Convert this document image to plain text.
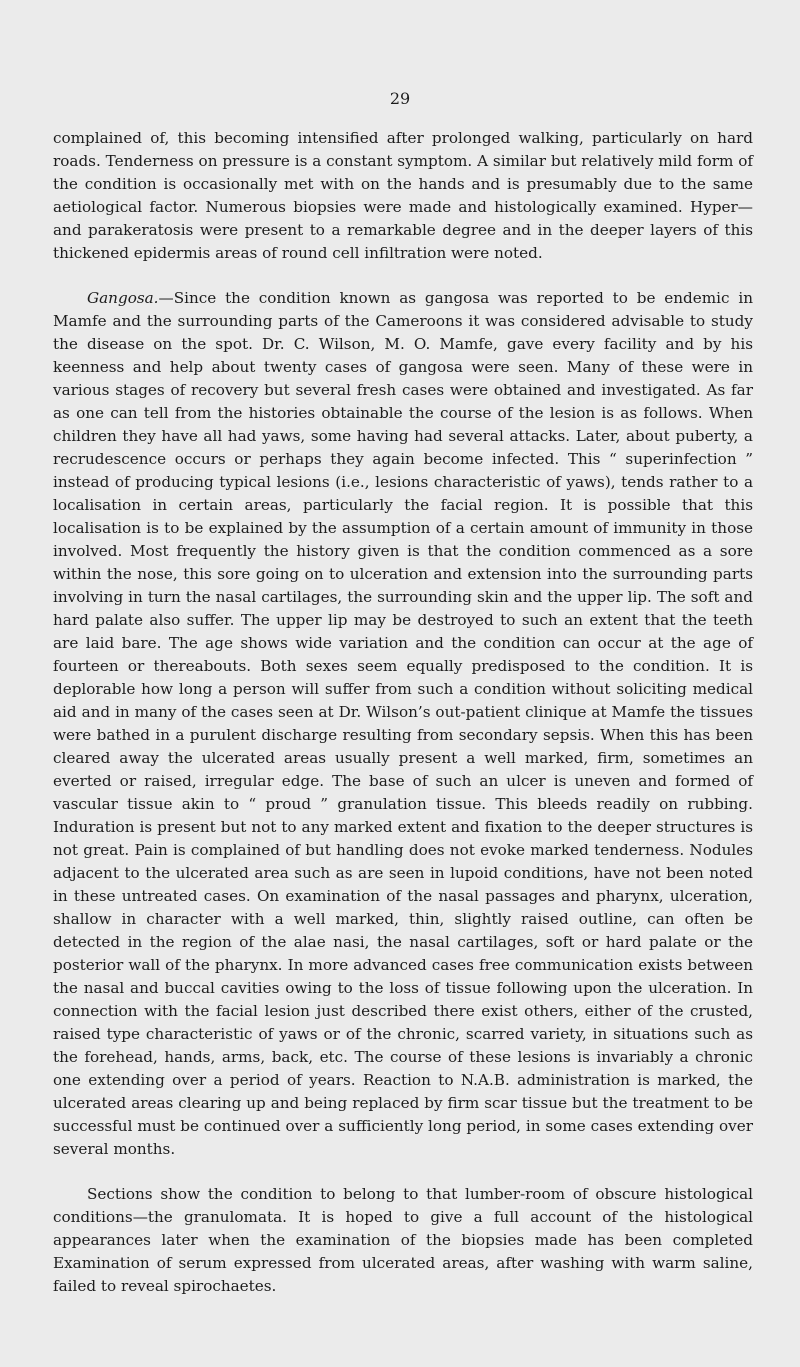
29

complained of, this becoming intensified after prolonged walking, particularly on hard roads. Tenderness on pressure is a constant symptom. A similar but relatively mild form of the condition is occasionally met with on the hands and is presumably due to the same aetiological factor. Numerous biopsies were made and histologically examined. Hyper—and parakeratosis were present to a remarkable degree and in the deeper layers of this thickened epidermis areas of round cell infiltration were noted.

Gangosa.—Since the condition known as gangosa was reported to be endemic in Mamfe and the surrounding parts of the Cameroons it was considered advisable to study the disease on the spot. Dr. C. Wilson, M. O. Mamfe, gave every facility and by his keenness and help about twenty cases of gangosa were seen. Many of these were in various stages of recovery but several fresh cases were obtained and investigated. As far as one can tell from the histories obtainable the course of the lesion is as follows. When children they have all had yaws, some having had several attacks. Later, about puberty, a recrudescence occurs or perhaps they again become infected. This “ superinfection ” instead of producing typical lesions (i.e., lesions characteristic of yaws), tends rather to a localisation in certain areas, particularly the facial region. It is possible that this localisation is to be explained by the assumption of a certain amount of immunity in those involved. Most frequently the history given is that the condition commenced as a sore within the nose, this sore going on to ulceration and extension into the surrounding parts involving in turn the nasal cartilages, the surrounding skin and the upper lip. The soft and hard palate also suffer. The upper lip may be destroyed to such an extent that the teeth are laid bare. The age shows wide variation and the condition can occur at the age of fourteen or thereabouts. Both sexes seem equally predisposed to the condition. It is deplorable how long a person will suffer from such a condition without soliciting medical aid and in many of the cases seen at Dr. Wilson’s out-patient clinique at Mamfe the tissues were bathed in a purulent discharge resulting from secondary sepsis. When this has been cleared away the ulcerated areas usually present a well marked, firm, sometimes an everted or raised, irregular edge. The base of such an ulcer is uneven and formed of vascular tissue akin to “ proud ” granulation tissue. This bleeds readily on rubbing. Induration is present but not to any marked extent and fixation to the deeper structures is not great. Pain is complained of but handling does not evoke marked tenderness. Nodules adjacent to the ulcerated area such as are seen in lupoid conditions, have not been noted in these untreated cases. On examination of the nasal passages and pharynx, ulceration, shallow in character with a well marked, thin, slightly raised outline, can often be detected in the region of the alae nasi, the nasal cartilages, soft or hard palate or the posterior wall of the pharynx. In more advanced cases free communication exists between the nasal and buccal cavities owing to the loss of tissue following upon the ulceration. In connection with the facial lesion just described there exist others, either of the crusted, raised type characteristic of yaws or of the chronic, scarred variety, in situations such as the forehead, hands, arms, back, etc. The course of these lesions is invariably a chronic one extending over a period of years. Reaction to N.A.B. administration is marked, the ulcerated areas clearing up and being replaced by firm scar tissue but the treatment to be successful must be continued over a sufficiently long period, in some cases extending over several months.

Sections show the condition to belong to that lumber-room of obscure histological conditions—the granulomata. It is hoped to give a full account of the histological appearances later when the examination of the biopsies made has been completed Examination of serum expressed from ulcerated areas, after washing with warm saline, failed to reveal spirochaetes.
